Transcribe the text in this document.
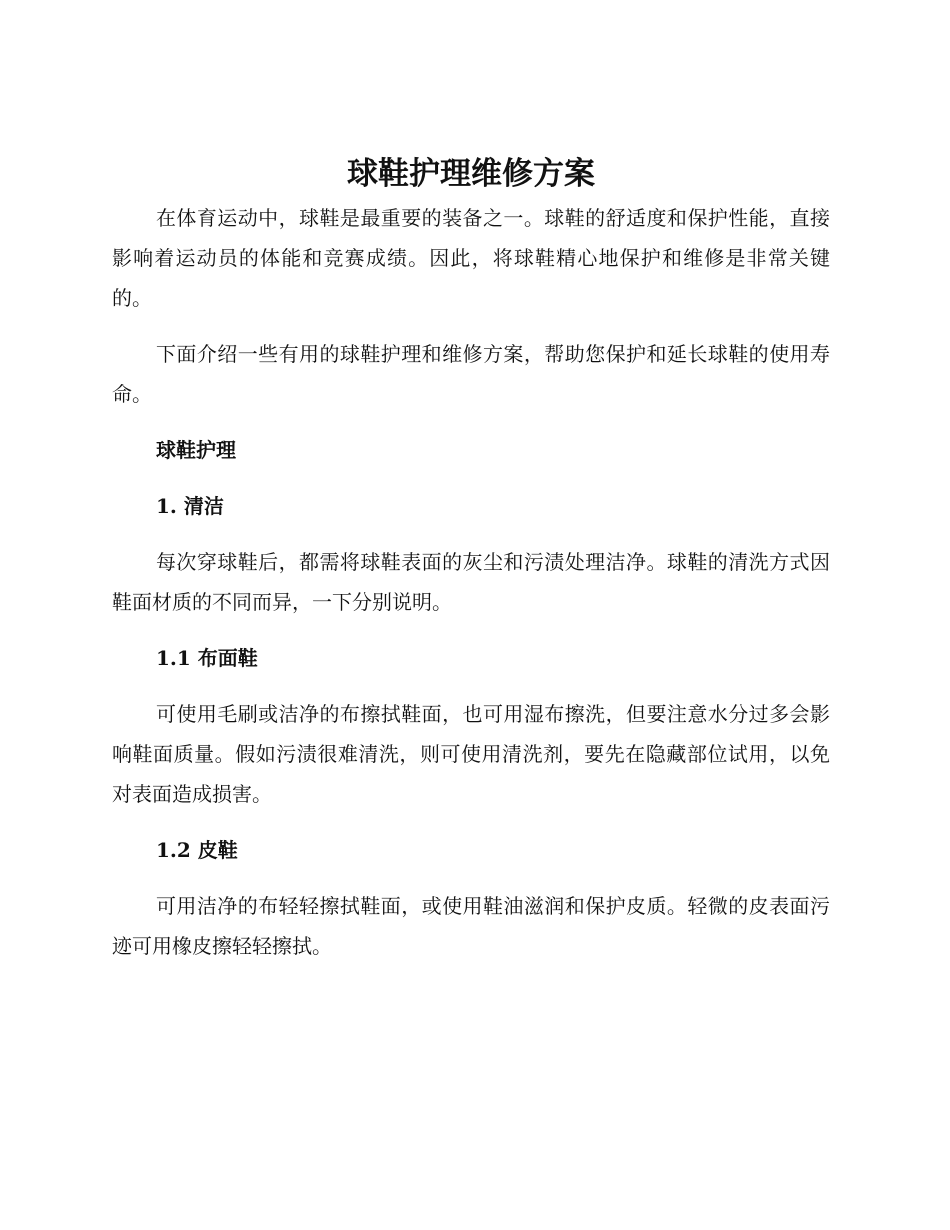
球鞋护理维修方案

在体育运动中，球鞋是最重要的装备之一。球鞋的舒适度和保护性能，直接影响着运动员的体能和竞赛成绩。因此，将球鞋精心地保护和维修是非常关键的。

下面介绍一些有用的球鞋护理和维修方案，帮助您保护和延长球鞋的使用寿命。

球鞋护理

1. 清洁

每次穿球鞋后，都需将球鞋表面的灰尘和污渍处理洁净。球鞋的清洗方式因鞋面材质的不同而异，一下分别说明。

1.1 布面鞋

可使用毛刷或洁净的布擦拭鞋面，也可用湿布擦洗，但要注意水分过多会影响鞋面质量。假如污渍很难清洗，则可使用清洗剂，要先在隐藏部位试用，以免对表面造成损害。

1.2 皮鞋

可用洁净的布轻轻擦拭鞋面，或使用鞋油滋润和保护皮质。轻微的皮表面污迹可用橡皮擦轻轻擦拭。
